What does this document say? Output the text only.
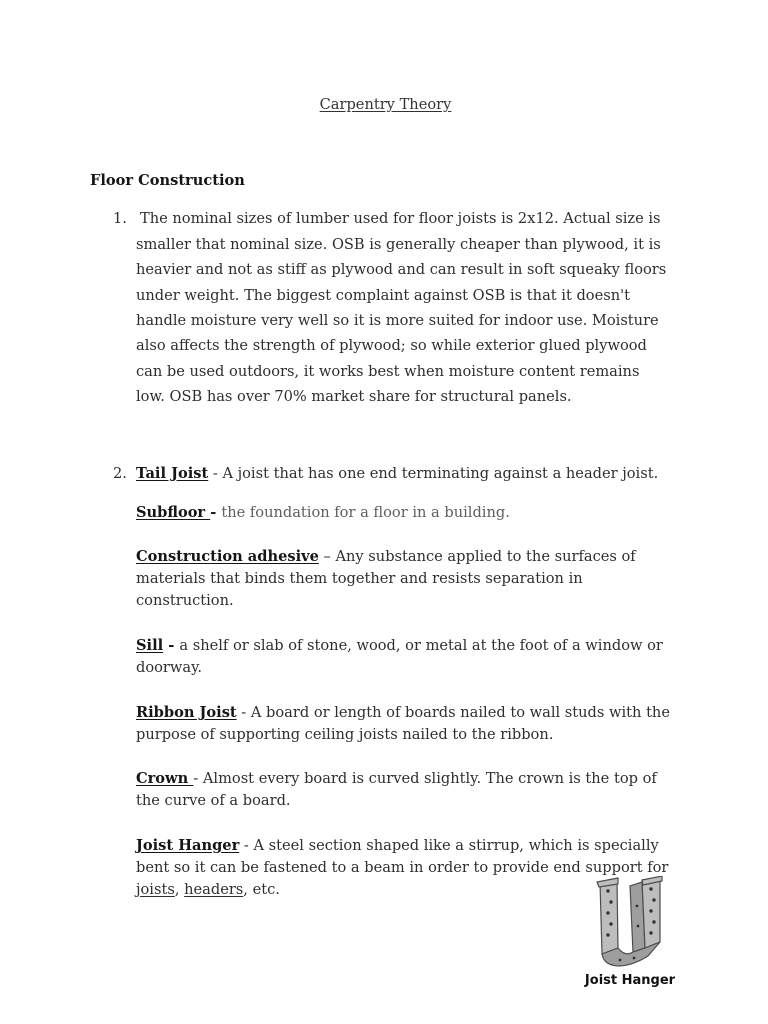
Carpentry Theory
Floor Construction
1. The nominal sizes of lumber used for floor joists is 2x12. Actual size is
smaller that nominal size. OSB is generally cheaper than plywood, it is
heavier and not as stiff as plywood and can result in soft squeaky floors
under weight. The biggest complaint against OSB is that it doesn't
handle moisture very well so it is more suited for indoor use. Moisture
also affects the strength of plywood; so while exterior glued plywood
can be used outdoors, it works best when moisture content remains
low. OSB has over 70% market share for structural panels.
2. Tail Joist - A joist that has one end terminating against a header joist.
Subfloor - the foundation for a floor in a building.
Construction adhesive – Any substance applied to the surfaces of
materials that binds them together and resists separation in
construction.
Sill - a shelf or slab of stone, wood, or metal at the foot of a window or
doorway.
Ribbon Joist - A board or length of boards nailed to wall studs with the
purpose of supporting ceiling joists nailed to the ribbon.
Crown - Almost every board is curved slightly. The crown is the top of
the curve of a board.
Joist Hanger - A steel section shaped like a stirrup, which is specially
bent so it can be fastened to a beam in order to provide end support for
joists, headers, etc.
Joist Hanger
